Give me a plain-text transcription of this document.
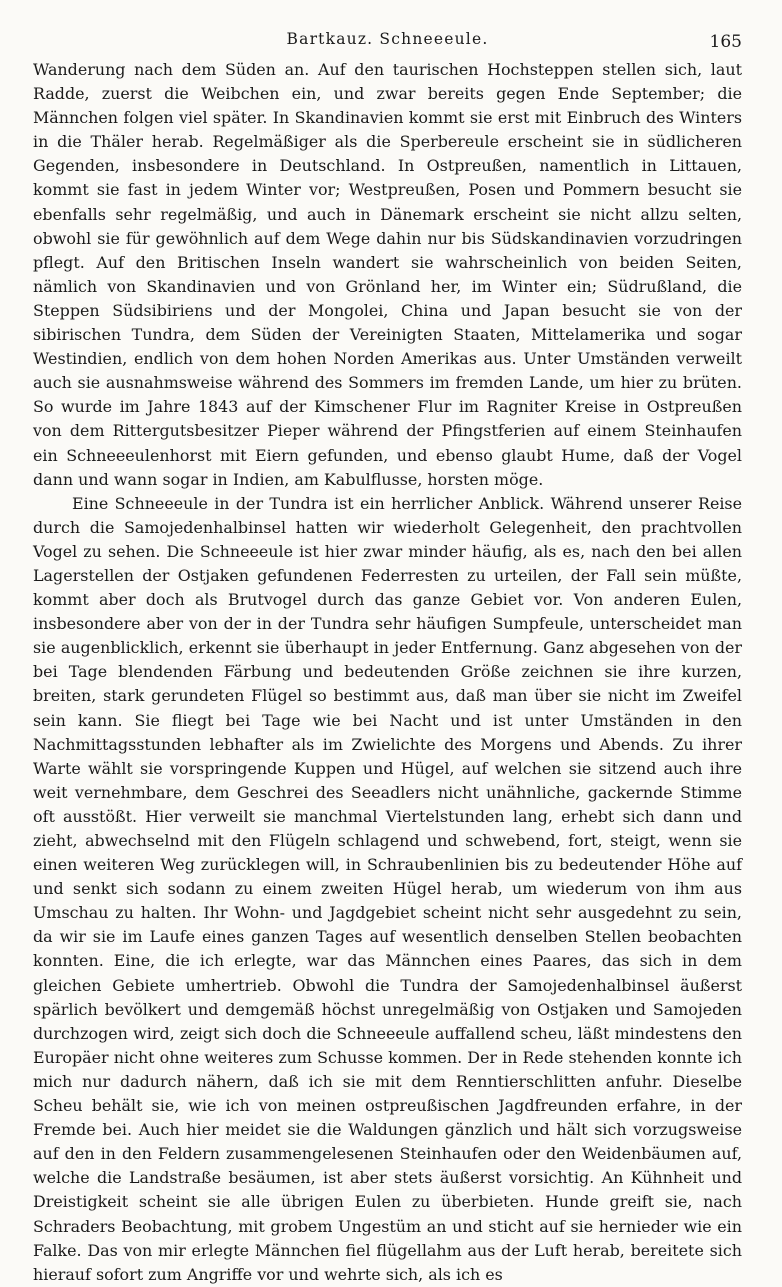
Bartkauz. Schneeeule.	165

Wanderung nach dem Süden an. Auf den taurischen Hochsteppen stellen sich, laut Radde, zuerst die Weibchen ein, und zwar bereits gegen Ende September; die Männchen folgen viel später. In Skandinavien kommt sie erst mit Einbruch des Winters in die Thäler herab. Regelmäßiger als die Sperbereule erscheint sie in südlicheren Gegenden, insbesondere in Deutschland. In Ostpreußen, namentlich in Littauen, kommt sie fast in jedem Winter vor; Westpreußen, Posen und Pommern besucht sie ebenfalls sehr regelmäßig, und auch in Dänemark erscheint sie nicht allzu selten, obwohl sie für gewöhnlich auf dem Wege dahin nur bis Südskandinavien vorzudringen pflegt. Auf den Britischen Inseln wandert sie wahrscheinlich von beiden Seiten, nämlich von Skandinavien und von Grönland her, im Winter ein; Südrußland, die Steppen Südsibiriens und der Mongolei, China und Japan besucht sie von der sibirischen Tundra, dem Süden der Vereinigten Staaten, Mittelamerika und sogar Westindien, endlich von dem hohen Norden Amerikas aus. Unter Umständen verweilt auch sie ausnahmsweise während des Sommers im fremden Lande, um hier zu brüten. So wurde im Jahre 1843 auf der Kimschener Flur im Ragniter Kreise in Ostpreußen von dem Rittergutsbesitzer Pieper während der Pfingstferien auf einem Steinhaufen ein Schneeeulenhorst mit Eiern gefunden, und ebenso glaubt Hume, daß der Vogel dann und wann sogar in Indien, am Kabulflusse, horsten möge.

Eine Schneeeule in der Tundra ist ein herrlicher Anblick. Während unserer Reise durch die Samojedenhalbinsel hatten wir wiederholt Gelegenheit, den prachtvollen Vogel zu sehen. Die Schneeeule ist hier zwar minder häufig, als es, nach den bei allen Lagerstellen der Ostjaken gefundenen Federresten zu urteilen, der Fall sein müßte, kommt aber doch als Brutvogel durch das ganze Gebiet vor. Von anderen Eulen, insbesondere aber von der in der Tundra sehr häufigen Sumpfeule, unterscheidet man sie augenblicklich, erkennt sie überhaupt in jeder Entfernung. Ganz abgesehen von der bei Tage blendenden Färbung und bedeutenden Größe zeichnen sie ihre kurzen, breiten, stark gerundeten Flügel so bestimmt aus, daß man über sie nicht im Zweifel sein kann. Sie fliegt bei Tage wie bei Nacht und ist unter Umständen in den Nachmittagsstunden lebhafter als im Zwielichte des Morgens und Abends. Zu ihrer Warte wählt sie vorspringende Kuppen und Hügel, auf welchen sie sitzend auch ihre weit vernehmbare, dem Geschrei des Seeadlers nicht unähnliche, gackernde Stimme oft ausstößt. Hier verweilt sie manchmal Viertelstunden lang, erhebt sich dann und zieht, abwechselnd mit den Flügeln schlagend und schwebend, fort, steigt, wenn sie einen weiteren Weg zurücklegen will, in Schraubenlinien bis zu bedeutender Höhe auf und senkt sich sodann zu einem zweiten Hügel herab, um wiederum von ihm aus Umschau zu halten. Ihr Wohn- und Jagdgebiet scheint nicht sehr ausgedehnt zu sein, da wir sie im Laufe eines ganzen Tages auf wesentlich denselben Stellen beobachten konnten. Eine, die ich erlegte, war das Männchen eines Paares, das sich in dem gleichen Gebiete umhertrieb. Obwohl die Tundra der Samojedenhalbinsel äußerst spärlich bevölkert und demgemäß höchst unregelmäßig von Ostjaken und Samojeden durchzogen wird, zeigt sich doch die Schneeeule auffallend scheu, läßt mindestens den Europäer nicht ohne weiteres zum Schusse kommen. Der in Rede stehenden konnte ich mich nur dadurch nähern, daß ich sie mit dem Renntierschlitten anfuhr. Dieselbe Scheu behält sie, wie ich von meinen ostpreußischen Jagdfreunden erfahre, in der Fremde bei. Auch hier meidet sie die Waldungen gänzlich und hält sich vorzugsweise auf den in den Feldern zusammengelesenen Steinhaufen oder den Weidenbäumen auf, welche die Landstraße besäumen, ist aber stets äußerst vorsichtig. An Kühnheit und Dreistigkeit scheint sie alle übrigen Eulen zu überbieten. Hunde greift sie, nach Schraders Beobachtung, mit grobem Ungestüm an und sticht auf sie hernieder wie ein Falke. Das von mir erlegte Männchen fiel flügellahm aus der Luft herab, bereitete sich hierauf sofort zum Angriffe vor und wehrte sich, als ich es
